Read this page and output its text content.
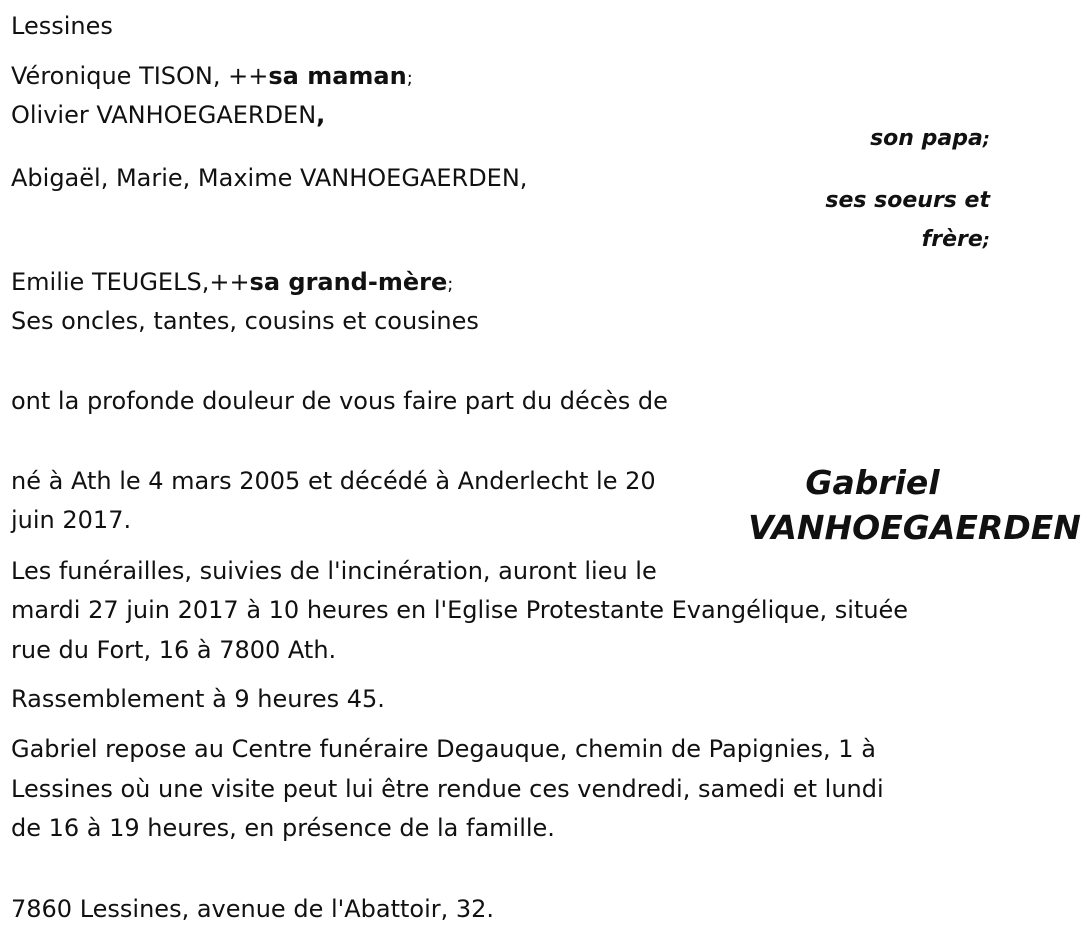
Lessines
Véronique TISON, ++sa maman;
Olivier VANHOEGAERDEN,
son papa;
Abigaël, Marie, Maxime VANHOEGAERDEN,
ses soeurs et
frère;
Emilie TEUGELS,++sa grand-mère;
Ses oncles, tantes, cousins et cousines
ont la profonde douleur de vous faire part du décès de
Gabriel
VANHOEGAERDEN
né à Ath le 4 mars 2005 et décédé à Anderlecht le 20
juin 2017.
Les funérailles, suivies de l'incinération, auront lieu le
mardi 27 juin 2017 à 10 heures en l'Eglise Protestante Evangélique, située
rue du Fort, 16 à 7800 Ath.
Rassemblement à 9 heures 45.
Gabriel repose au Centre funéraire Degauque, chemin de Papignies, 1 à
Lessines où une visite peut lui être rendue ces vendredi, samedi et lundi
de 16 à 19 heures, en présence de la famille.
7860 Lessines, avenue de l'Abattoir, 32.
